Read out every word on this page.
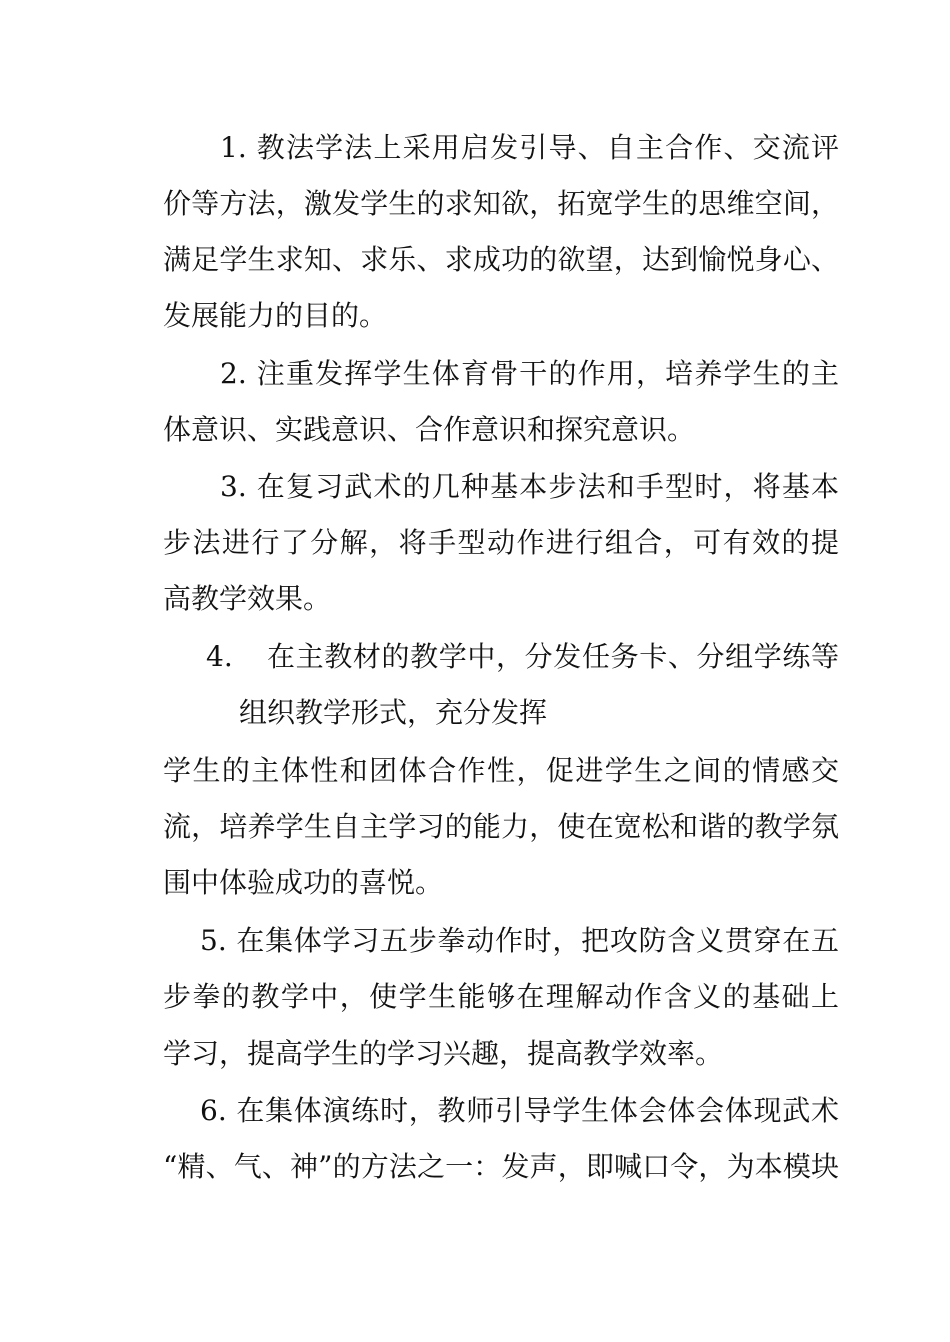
1. 教法学法上采用启发引导、自主合作、交流评
价等方法，激发学生的求知欲，拓宽学生的思维空间，
满足学生求知、求乐、求成功的欲望，达到愉悦身心、
发展能力的目的。
2. 注重发挥学生体育骨干的作用，培养学生的主
体意识、实践意识、合作意识和探究意识。
3. 在复习武术的几种基本步法和手型时，将基本
步法进行了分解，将手型动作进行组合，可有效的提
高教学效果。
4.	在主教材的教学中，分发任务卡、分组学练等
组织教学形式，充分发挥
学生的主体性和团体合作性，促进学生之间的情感交
流，培养学生自主学习的能力，使在宽松和谐的教学氛
围中体验成功的喜悦。
5. 在集体学习五步拳动作时，把攻防含义贯穿在五
步拳的教学中，使学生能够在理解动作含义的基础上
学习，提高学生的学习兴趣，提高教学效率。
6. 在集体演练时，教师引导学生体会体会体现武术
“精、气、神”的方法之一：发声，即喊口令，为本模块
